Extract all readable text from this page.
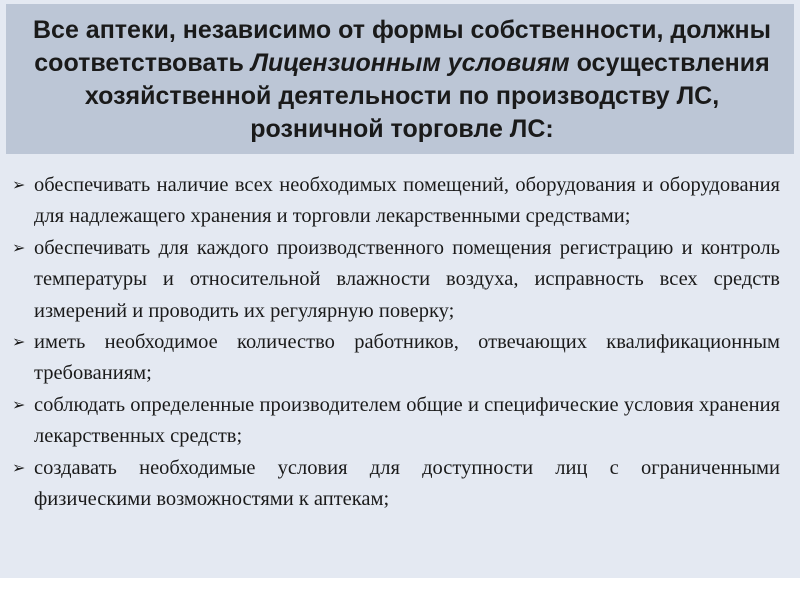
Все аптеки, независимо от формы собственности, должны соответствовать Лицензионным условиям осуществления хозяйственной деятельности по производству ЛС, розничной торговле ЛС:

➢ обеспечивать наличие всех необходимых помещений, оборудования и оборудования для надлежащего хранения и торговли лекарственными средствами;
➢ обеспечивать для каждого производственного помещения регистрацию и контроль температуры и относительной влажности воздуха, исправность всех средств измерений и проводить их регулярную поверку;
➢ иметь необходимое количество работников, отвечающих квалификационным требованиям;
➢ соблюдать определенные производителем общие и специфические условия хранения лекарственных средств;
➢ создавать необходимые условия для доступности лиц с ограниченными физическими возможностями к аптекам;
